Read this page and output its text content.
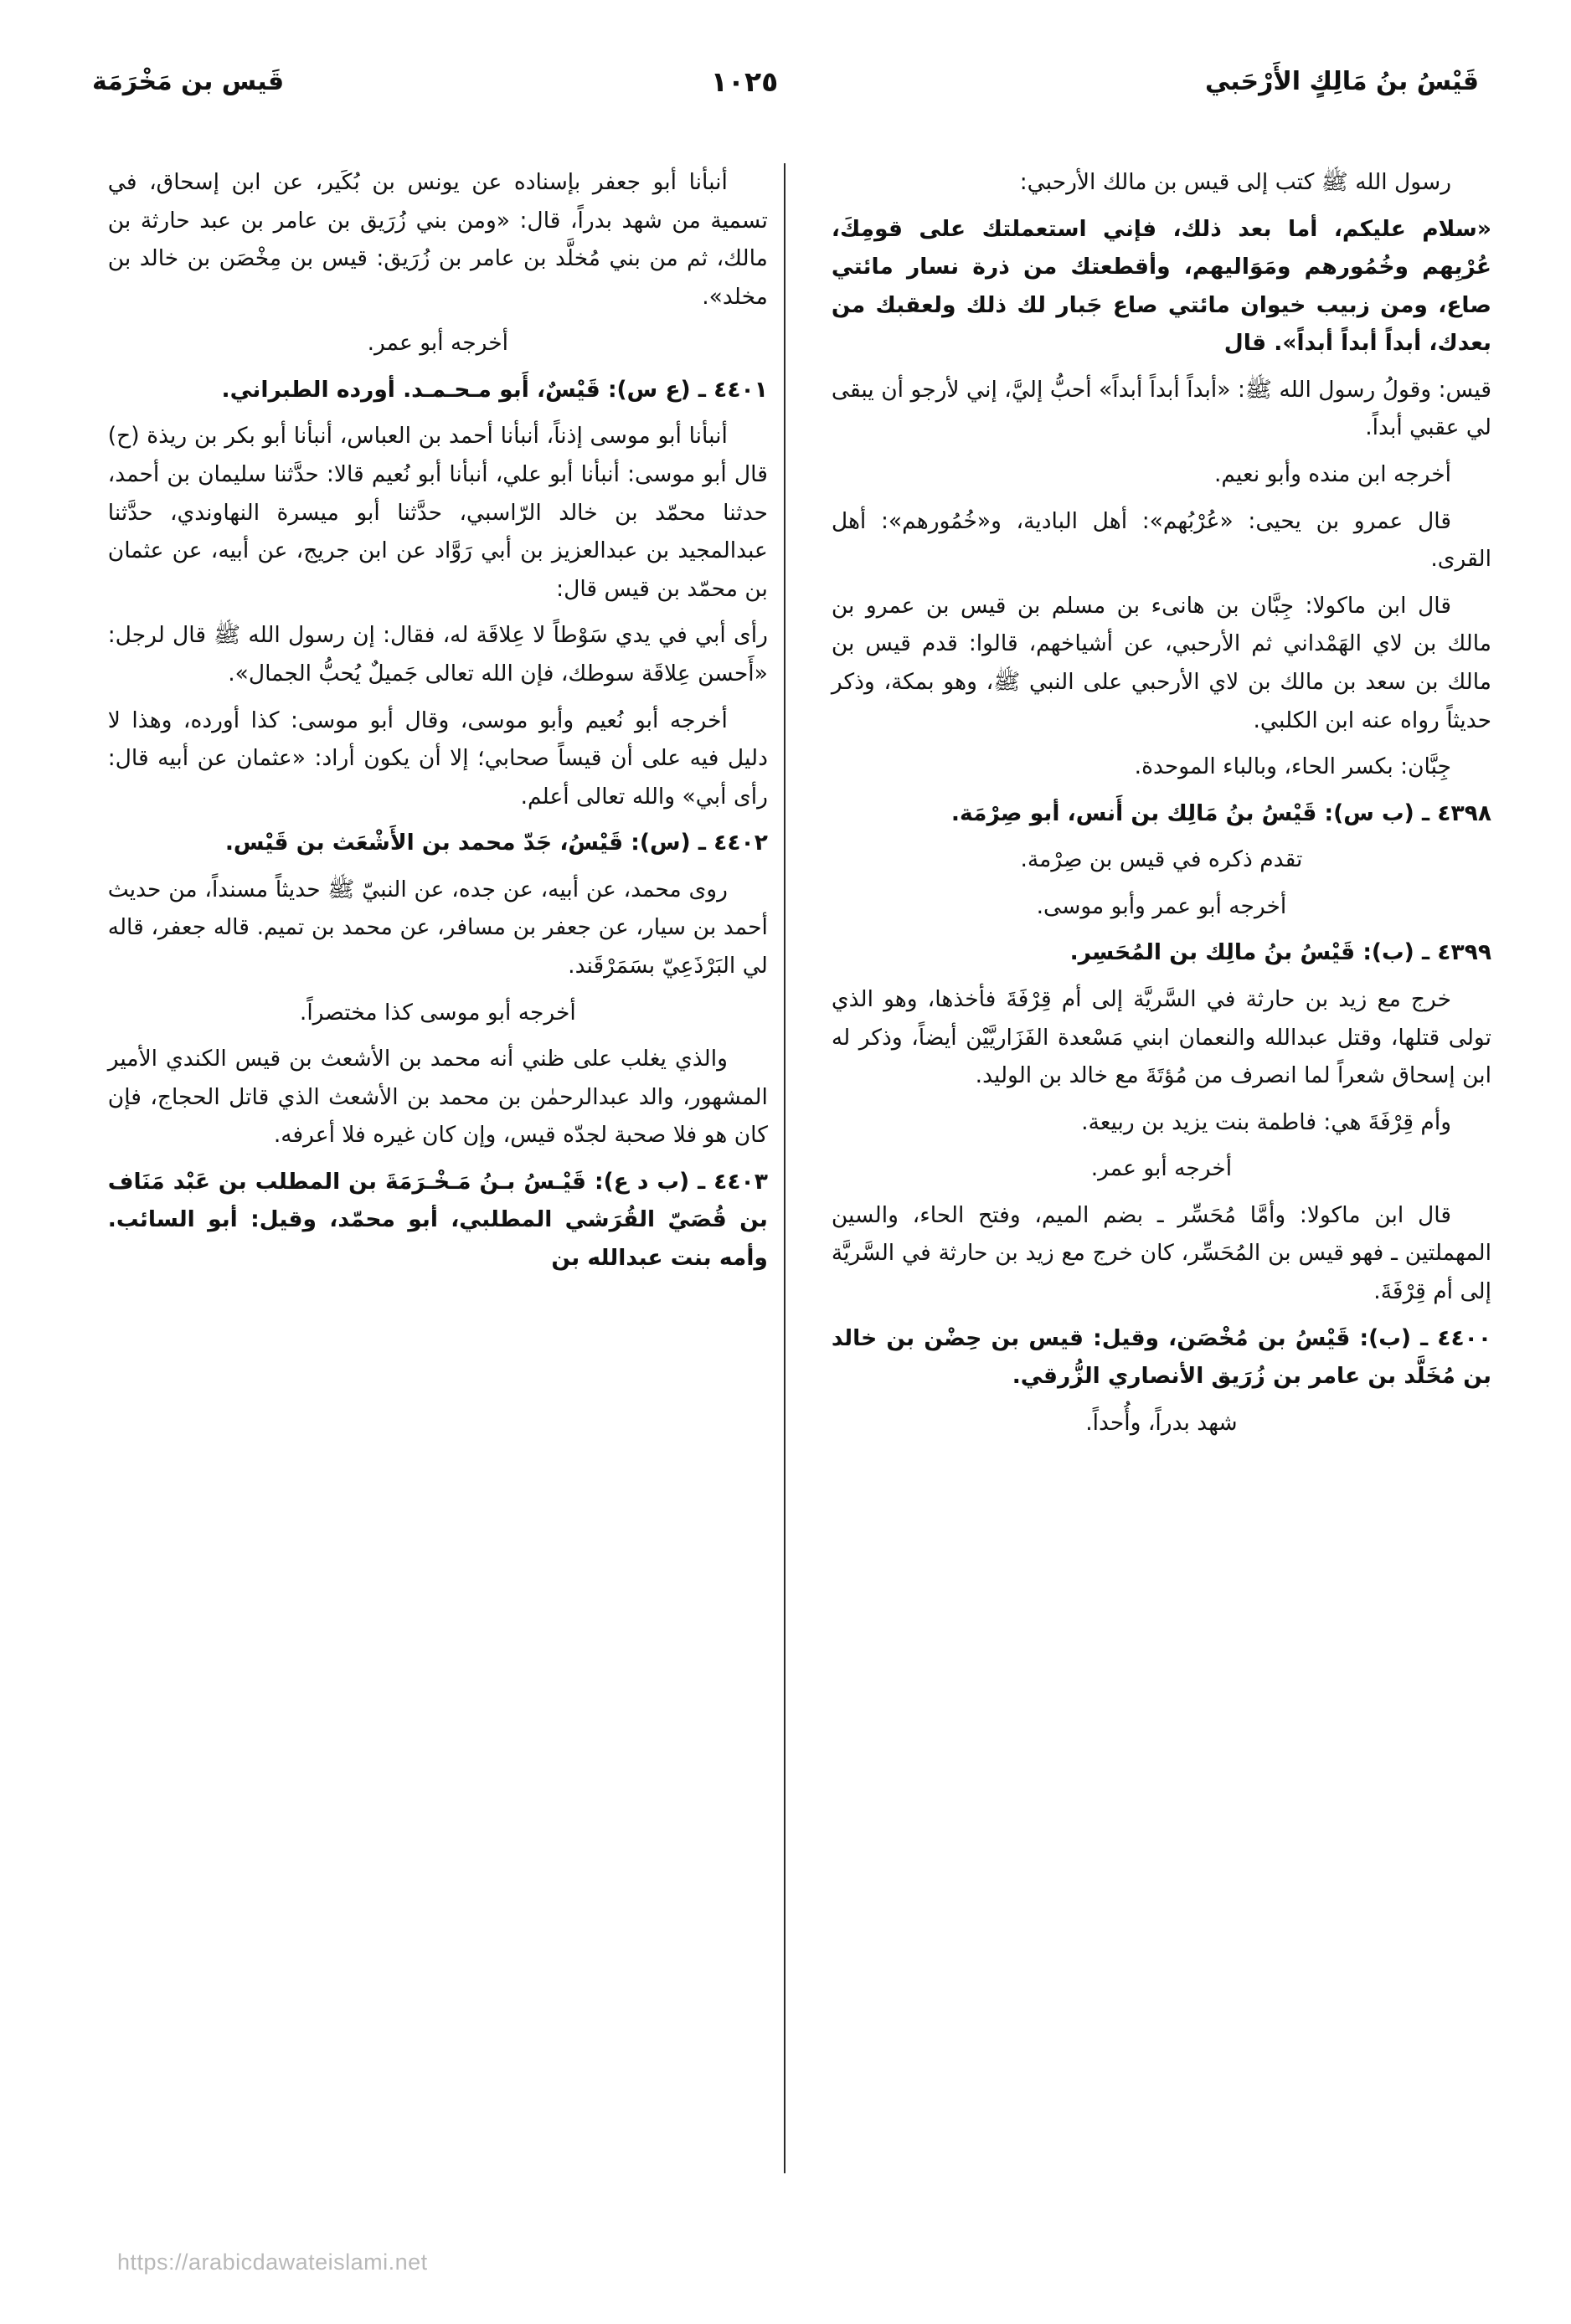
قَيْسُ بنُ مَالِكٍ الأَرْحَبي
١٠٢٥
قَيس بن مَخْرَمَة

رسول الله ﷺ كتب إلى قيس بن مالك الأرحبي:

«سلام عليكم، أما بعد ذلك، فإني استعملتك على قومِكَ، عُرْبِهم وخُمُورهم ومَوَاليهم، وأقطعتك من ذرة نسار مائتي صاع، ومن زبيب خيوان مائتي صاع جَبار لك ذلك ولعقبك من بعدك، أبداً أبداً أبداً». قال

قيس: وقولُ رسول الله ﷺ: «أبداً أبداً أبداً» أحبُّ إليَّ، إني لأرجو أن يبقى لي عقبي أبداً.

أخرجه ابن منده وأبو نعيم.

قال عمرو بن يحيى: «عُرْبُهم»: أهل البادية، و«خُمُورهم»: أهل القرى.

قال ابن ماكولا: جِبَّان بن هانىء بن مسلم بن قيس بن عمرو بن مالك بن لاي الهَمْداني ثم الأرحبي، عن أشياخهم، قالوا: قدم قيس بن مالك بن سعد بن مالك بن لاي الأرحبي على النبي ﷺ، وهو بمكة، وذكر حديثاً رواه عنه ابن الكلبي.

جِبَّان: بكسر الحاء، وبالباء الموحدة.

٤٣٩٨ ـ (ب س): قَيْسُ بنُ مَالِك بن أَنس، أبو صِرْمَة.

تقدم ذكره في قيس بن صِرْمة.

أخرجه أبو عمر وأبو موسى.

٤٣٩٩ ـ (ب): قَيْسُ بنُ مالِك بن المُحَسِر.

خرج مع زيد بن حارثة في السَّريَّة إلى أم قِرْفَةَ فأخذها، وهو الذي تولى قتلها، وقتل عبدالله والنعمان ابني مَسْعدة الفَزَاريَّيْن أيضاً، وذكر له ابن إسحاق شعراً لما انصرف من مُؤتَةَ مع خالد بن الوليد.

وأم قِرْفَةَ هي: فاطمة بنت يزيد بن ربيعة.

أخرجه أبو عمر.

قال ابن ماكولا: وأمَّا مُحَسِّر ـ بضم الميم، وفتح الحاء، والسين المهملتين ـ فهو قيس بن المُحَسِّر، كان خرج مع زيد بن حارثة في السَّريَّة إلى أم قِرْفَةَ.

٤٤٠٠ ـ (ب): قَيْسُ بن مُخْصَن، وقيل: قيس بن حِضْن بن خالد بن مُخَلَّد بن عامر بن زُرَيق الأنصاري الزُّرقي.

شهد بدراً، وأُحداً.

أنبأنا أبو جعفر بإسناده عن يونس بن بُكَير، عن ابن إسحاق، في تسمية من شهد بدراً، قال: «ومن بني زُرَيق بن عامر بن عبد حارثة بن مالك، ثم من بني مُخلَّد بن عامر بن زُرَيق: قيس بن مِخْصَن بن خالد بن مخلد».

أخرجه أبو عمر.

٤٤٠١ ـ (ع س): قَيْسٌ، أَبو مـحـمـد. أورده الطبراني.

أنبأنا أبو موسى إذناً، أنبأنا أحمد بن العباس، أنبأنا أبو بكر بن ريذة (ح) قال أبو موسى: أنبأنا أبو علي، أنبأنا أبو نُعيم قالا: حدَّثنا سليمان بن أحمد، حدثنا محمّد بن خالد الرّاسبي، حدَّثنا أبو ميسرة النهاوندي، حدَّثنا عبدالمجيد بن عبدالعزيز بن أبي رَوَّاد عن ابن جريج، عن أبيه، عن عثمان بن محمّد بن قيس قال:

رأى أبي في يدي سَوْطاً لا عِلاقَة له، فقال: إن رسول الله ﷺ قال لرجل: «أَحسن عِلاقَة سوطك، فإن الله تعالى جَميلٌ يُحبُّ الجمال».

أخرجه أبو نُعيم وأبو موسى، وقال أبو موسى: كذا أورده، وهذا لا دليل فيه على أن قيساً صحابي؛ إلا أن يكون أراد: «عثمان عن أبيه قال: رأى أبي» والله تعالى أعلم.

٤٤٠٢ ـ (س): قَيْسُ، جَدّ محمد بن الأَشْعَث بن قَيْس.

روى محمد، عن أبيه، عن جده، عن النبيّ ﷺ حديثاً مسنداً، من حديث أحمد بن سيار، عن جعفر بن مسافر، عن محمد بن تميم. قاله جعفر، قاله لي البَرْذَعِيّ بسَمَرْقَند.

أخرجه أبو موسى كذا مختصراً.

والذي يغلب على ظني أنه محمد بن الأشعث بن قيس الكندي الأمير المشهور، والد عبدالرحمٰن بن محمد بن الأشعث الذي قاتل الحجاج، فإن كان هو فلا صحبة لجدّه قيس، وإن كان غيره فلا أعرفه.

٤٤٠٣ ـ (ب د ع): قَيْـسُ بـنُ مَـخْـرَمَةَ بن المطلب بن عَبْد مَنَاف بن قُصَيّ القُرَشي المطلبي، أبو محمّد، وقيل: أبو السائب. وأمه بنت عبدالله بن

https://arabicdawateislami.net
